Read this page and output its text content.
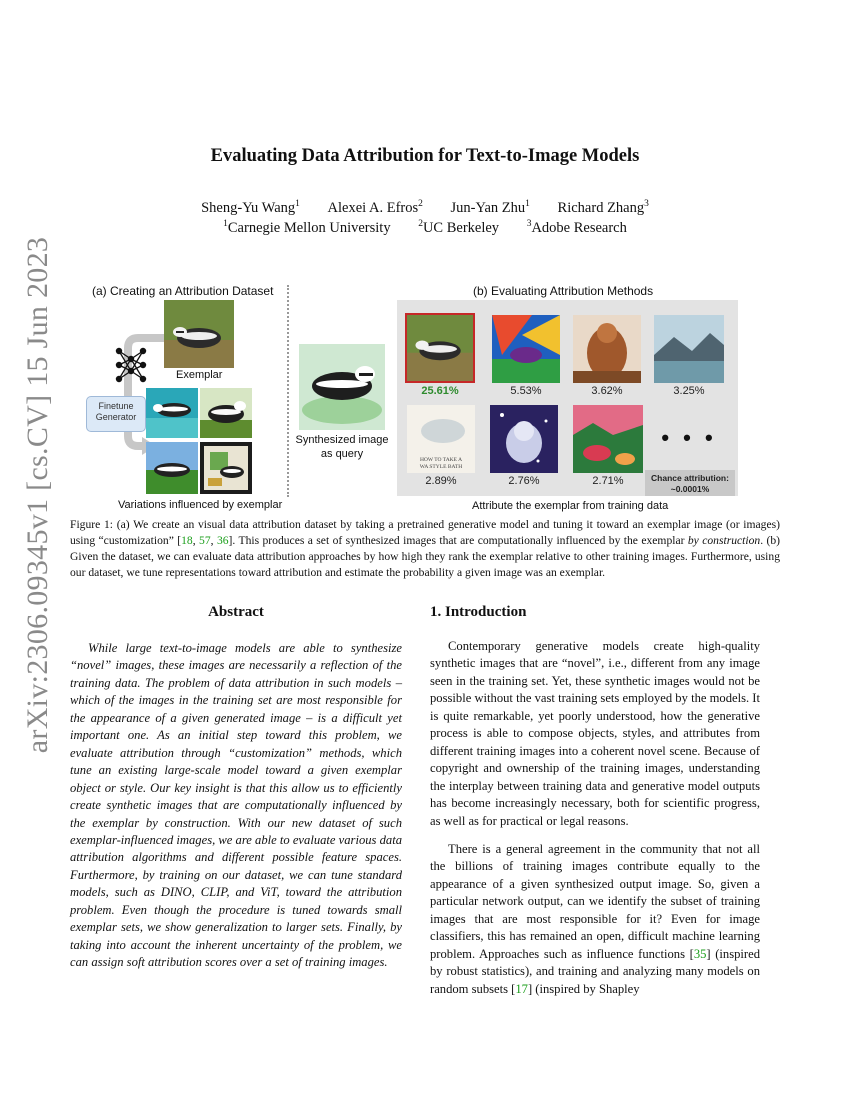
arXiv:2306.09345v1 [cs.CV] 15 Jun 2023
Evaluating Data Attribution for Text-to-Image Models
Sheng-Yu Wang$^1$ Alexei A. Efros$^2$ Jun-Yan Zhu$^1$ Richard Zhang$^3$
$^1$Carnegie Mellon University	$^2$UC Berkeley	$^3$Adobe Research
(a) Creating an Attribution Dataset	(b) Evaluating Attribution Methods
Finetune
Generator
Exemplar
Variations influenced by exemplar
Synthesized image
as query
25.61%	5.53%	3.62%	3.25%
HOW TO TAKE A
WA STYLE BATH
2.89%	2.76%	2.71%
• • •
Chance attribution:
~0.0001%
Attribute the exemplar from training data
Figure 1: (a) We create an visual data attribution dataset by taking a pretrained generative model and tuning it toward an exemplar image (or images) using “customization” [18, 57, 36]. This produces a set of synthesized images that are computationally influenced by the exemplar by construction. (b) Given the dataset, we can evaluate data attribution approaches by how high they rank the exemplar relative to other training images. Furthermore, using our dataset, we tune representations toward attribution and estimate the probability a given image was an exemplar.
Abstract
While large text-to-image models are able to synthesize “novel” images, these images are necessarily a reflection of the training data. The problem of data attribution in such models – which of the images in the training set are most responsible for the appearance of a given generated image – is a difficult yet important one. As an initial step toward this problem, we evaluate attribution through “customization” methods, which tune an existing large-scale model toward a given exemplar object or style. Our key insight is that this allow us to efficiently create synthetic images that are computationally influenced by the exemplar by construction. With our new dataset of such exemplar-influenced images, we are able to evaluate various data attribution algorithms and different possible feature spaces. Furthermore, by training on our dataset, we can tune standard models, such as DINO, CLIP, and ViT, toward the attribution problem. Even though the procedure is tuned towards small exemplar sets, we show generalization to larger sets. Finally, by taking into account the inherent uncertainty of the problem, we can assign soft attribution scores over a set of training images.
1. Introduction
Contemporary generative models create high-quality synthetic images that are “novel”, i.e., different from any image seen in the training set. Yet, these synthetic images would not be possible without the vast training sets employed by the models. It is quite remarkable, yet poorly understood, how the generative process is able to compose objects, styles, and attributes from different training images into a coherent novel scene. Because of copyright and ownership of the training images, understanding the interplay between training data and generative model outputs has become increasingly necessary, both for scientific progress, as well as for practical or legal reasons.
There is a general agreement in the community that not all the billions of training images contribute equally to the appearance of a given synthesized output image. So, given a particular network output, can we identify the subset of training images that are most responsible for it? Even for image classifiers, this has remained an open, difficult machine learning problem. Approaches such as influence functions [35] (inspired by robust statistics), and training and analyzing many models on random subsets [17] (inspired by Shapley
